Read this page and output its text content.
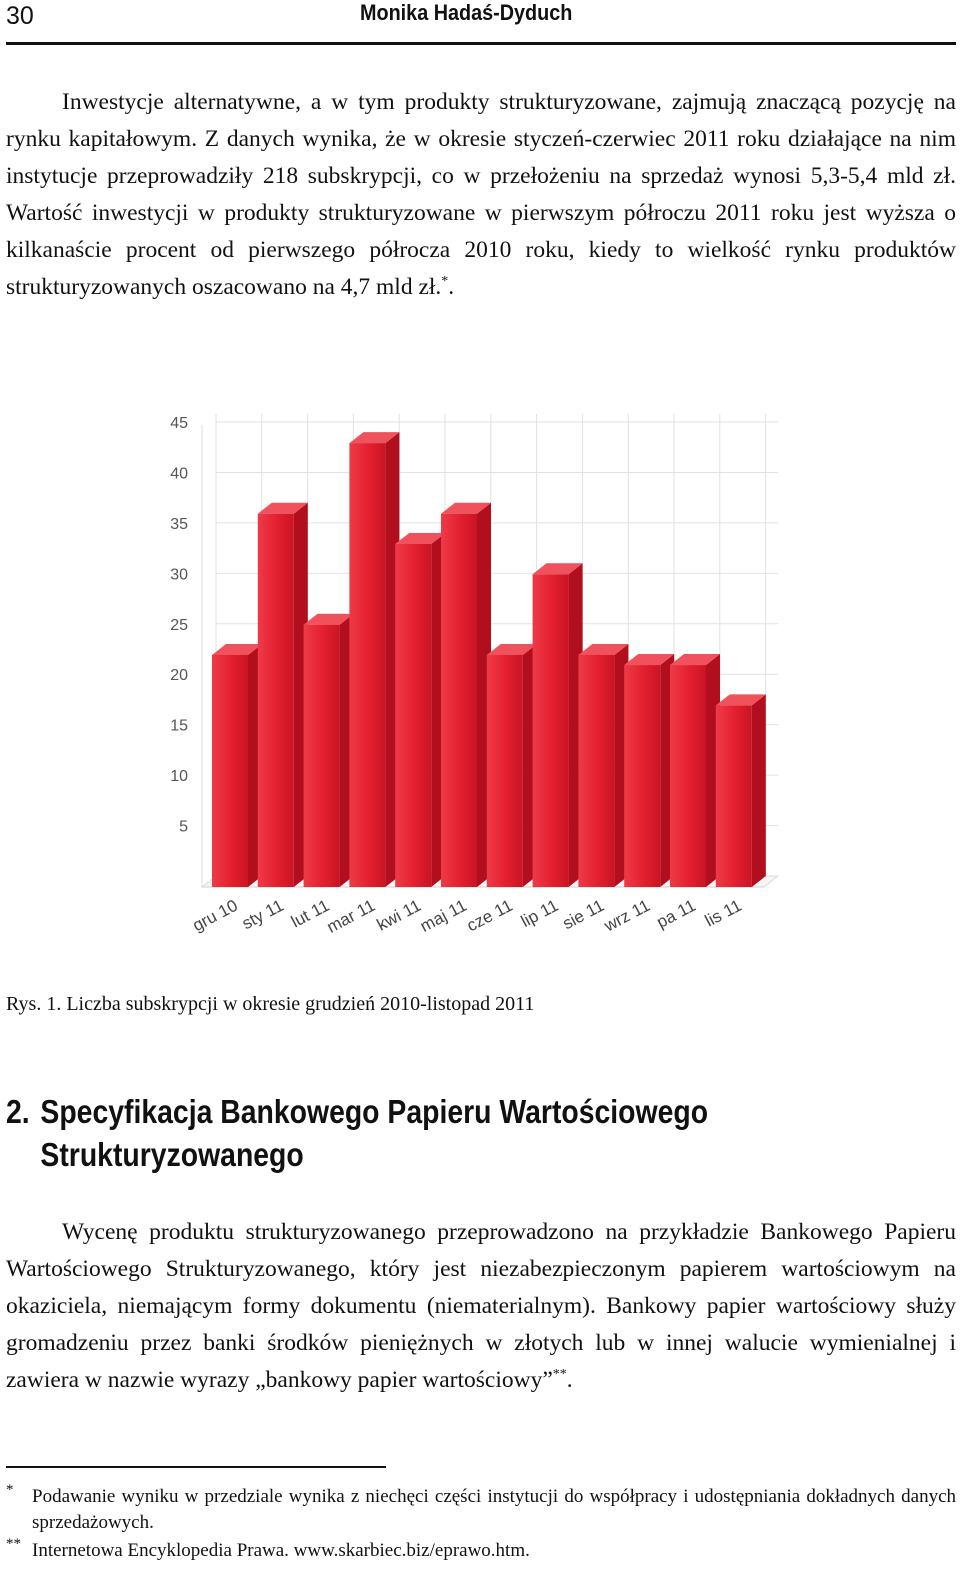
30	Monika Hadaś-Dyduch

Inwestycje alternatywne, a w tym produkty strukturyzowane, zajmują znaczącą pozycję na rynku kapitałowym. Z danych wynika, że w okresie styczeń-czerwiec 2011 roku działające na nim instytucje przeprowadziły 218 subskrypcji, co w przełożeniu na sprzedaż wynosi 5,3-5,4 mld zł. Wartość inwestycji w produkty strukturyzowane w pierwszym półroczu 2011 roku jest wyższa o kilkanaście procent od pierwszego półrocza 2010 roku, kiedy to wielkość rynku produktów strukturyzowanych oszacowano na 4,7 mld zł.*.

5
10
15
20
25
30
35
40
45
gru 10
sty 11 lut 11
mar 11
kwi 11
maj 11
cze 11 lip 11
sie 11
wrz 11 pa 11 lis 11
Rys. 1. Liczba subskrypcji w okresie grudzień 2010-listopad 2011
2. Specyfikacja Bankowego Papieru Wartościowego
Strukturyzowanego

Wycenę produktu strukturyzowanego przeprowadzono na przykładzie Bankowego Papieru Wartościowego Strukturyzowanego, który jest niezabezpieczonym papierem wartościowym na okaziciela, niemającym formy dokumentu (niematerialnym). Bankowy papier wartościowy służy gromadzeniu przez banki środków pieniężnych w złotych lub w innej walucie wymienialnej i zawiera w nazwie wyrazy „bankowy papier wartościowy”**.

* Podawanie wyniku w przedziale wynika z niechęci części instytucji do współpracy i udostępniania dokładnych danych sprzedażowych.
** Internetowa Encyklopedia Prawa. www.skarbiec.biz/eprawo.htm.
